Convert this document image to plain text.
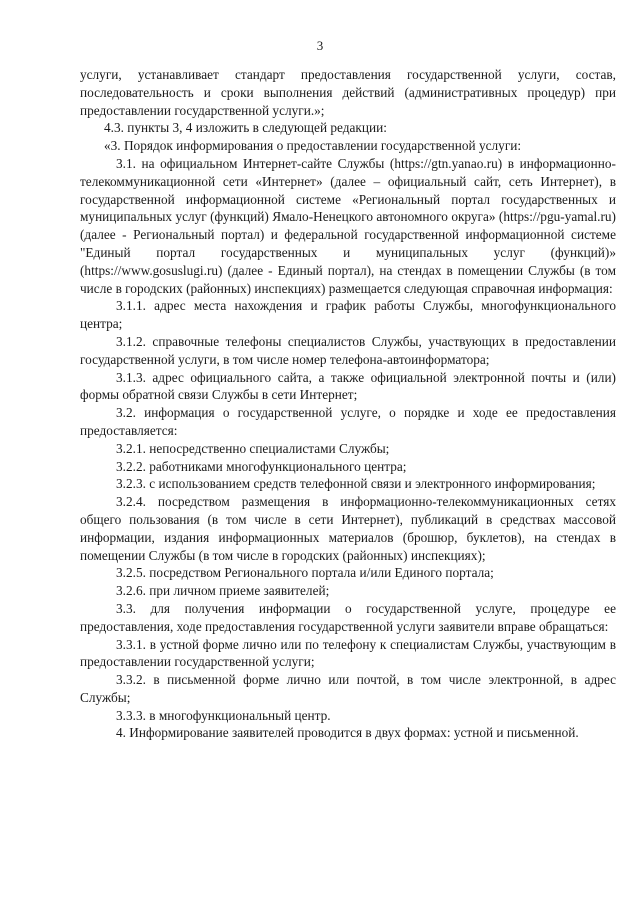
3

услуги, устанавливает стандарт предоставления государственной услуги, состав, последовательность и сроки выполнения действий (административных процедур) при предоставлении государственной услуги.»;

4.3. пункты 3, 4 изложить в следующей редакции:

«3. Порядок информирования о предоставлении государственной услуги:

3.1. на официальном Интернет-сайте Службы (https://gtn.yanao.ru) в информационно-телекоммуникационной сети «Интернет» (далее – официальный сайт, сеть Интернет), в государственной информационной системе «Региональный портал государственных и муниципальных услуг (функций) Ямало-Ненецкого автономного округа» (https://pgu-yamal.ru) (далее - Региональный портал) и федеральной государственной информационной системе "Единый портал государственных и муниципальных услуг (функций)» (https://www.gosuslugi.ru) (далее - Единый портал), на стендах в помещении Службы (в том числе в городских (районных) инспекциях) размещается следующая справочная информация:

3.1.1. адрес места нахождения и график работы Службы, многофункционального центра;

3.1.2. справочные телефоны специалистов Службы, участвующих в предоставлении государственной услуги, в том числе номер телефона-автоинформатора;

3.1.3. адрес официального сайта, а также официальной электронной почты и (или) формы обратной связи Службы в сети Интернет;

3.2. информация о государственной услуге, о порядке и ходе ее предоставления предоставляется:

3.2.1. непосредственно специалистами Службы;

3.2.2. работниками многофункционального центра;

3.2.3. с использованием средств телефонной связи и электронного информирования;

3.2.4. посредством размещения в информационно-телекоммуникационных сетях общего пользования (в том числе в сети Интернет), публикаций в средствах массовой информации, издания информационных материалов (брошюр, буклетов), на стендах в помещении Службы (в том числе в городских (районных) инспекциях);

3.2.5. посредством Регионального портала и/или Единого портала;

3.2.6. при личном приеме заявителей;

3.3. для получения информации о государственной услуге, процедуре ее предоставления, ходе предоставления государственной услуги заявители вправе обращаться:

3.3.1. в устной форме лично или по телефону к специалистам Службы, участвующим в предоставлении государственной услуги;

3.3.2. в письменной форме лично или почтой, в том числе электронной, в адрес Службы;

3.3.3. в многофункциональный центр.

4. Информирование заявителей проводится в двух формах: устной и письменной.
